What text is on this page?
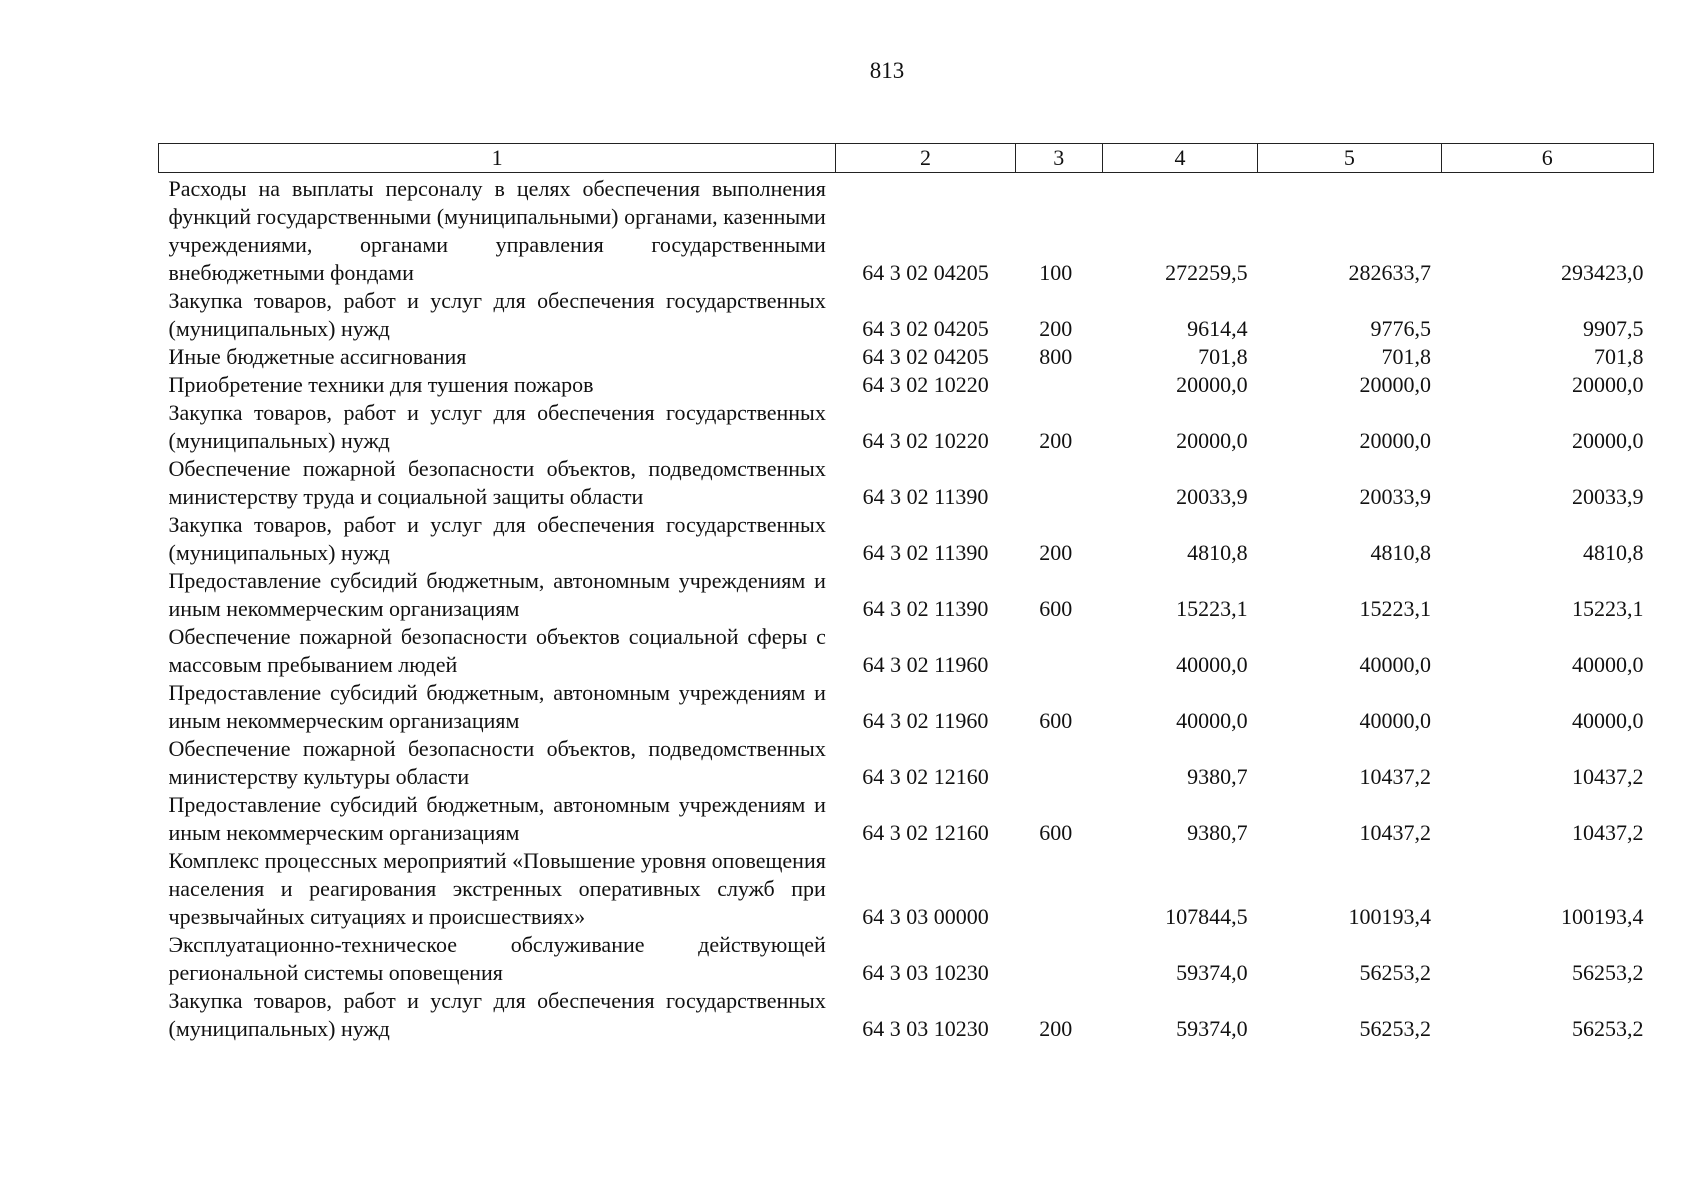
813
1	2	3	4	5	6
Расходы на выплаты персоналу в целях обеспечения выполнения функций государственными (муниципальными) органами, казенными учреждениями, органами управления государственными внебюджетными фондами	64 3 02 04205	100	272259,5	282633,7	293423,0
Закупка товаров, работ и услуг для обеспечения государственных (муниципальных) нужд	64 3 02 04205	200	9614,4	9776,5	9907,5
Иные бюджетные ассигнования	64 3 02 04205	800	701,8	701,8	701,8
Приобретение техники для тушения пожаров	64 3 02 10220		20000,0	20000,0	20000,0
Закупка товаров, работ и услуг для обеспечения государственных (муниципальных) нужд	64 3 02 10220	200	20000,0	20000,0	20000,0
Обеспечение пожарной безопасности объектов, подведомственных министерству труда и социальной защиты области	64 3 02 11390		20033,9	20033,9	20033,9
Закупка товаров, работ и услуг для обеспечения государственных (муниципальных) нужд	64 3 02 11390	200	4810,8	4810,8	4810,8
Предоставление субсидий бюджетным, автономным учреждениям и иным некоммерческим организациям	64 3 02 11390	600	15223,1	15223,1	15223,1
Обеспечение пожарной безопасности объектов социальной сферы с массовым пребыванием людей	64 3 02 11960		40000,0	40000,0	40000,0
Предоставление субсидий бюджетным, автономным учреждениям и иным некоммерческим организациям	64 3 02 11960	600	40000,0	40000,0	40000,0
Обеспечение пожарной безопасности объектов, подведомственных министерству культуры области	64 3 02 12160		9380,7	10437,2	10437,2
Предоставление субсидий бюджетным, автономным учреждениям и иным некоммерческим организациям	64 3 02 12160	600	9380,7	10437,2	10437,2
Комплекс процессных мероприятий «Повышение уровня оповещения населения и реагирования экстренных оперативных служб при чрезвычайных ситуациях и происшествиях»	64 3 03 00000		107844,5	100193,4	100193,4
Эксплуатационно-техническое обслуживание действующей региональной системы оповещения	64 3 03 10230		59374,0	56253,2	56253,2
Закупка товаров, работ и услуг для обеспечения государственных (муниципальных) нужд	64 3 03 10230	200	59374,0	56253,2	56253,2
